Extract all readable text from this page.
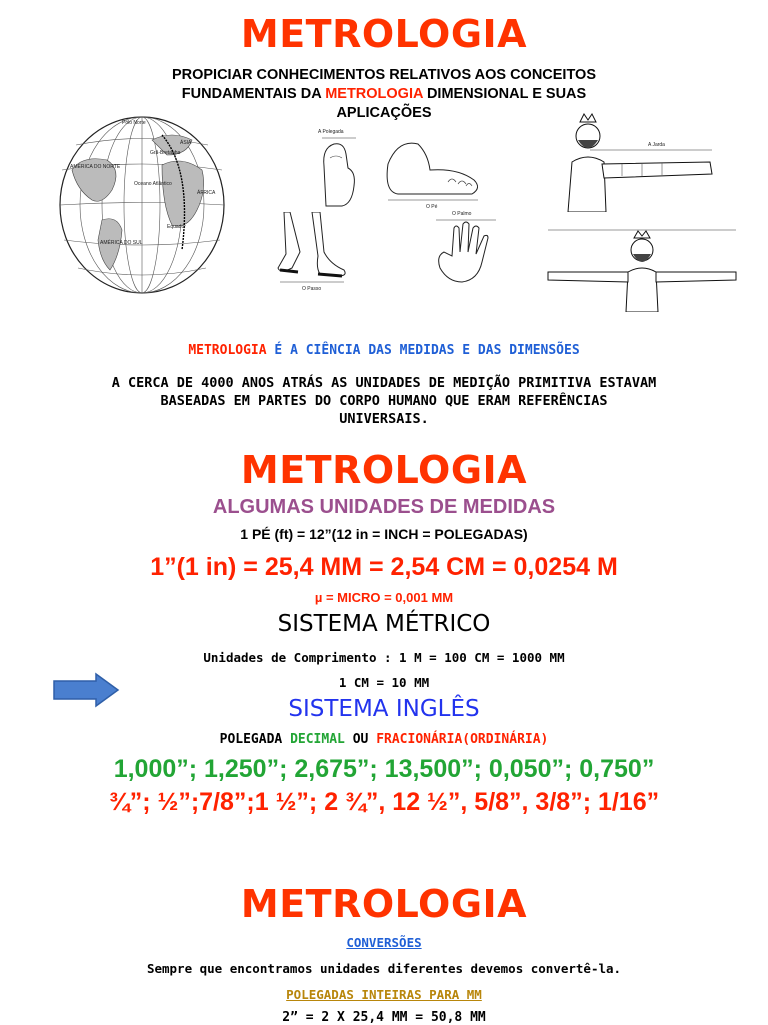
METROLOGIA
PROPICIAR CONHECIMENTOS RELATIVOS AOS CONCEITOS
FUNDAMENTAIS DA METROLOGIA DIMENSIONAL E SUAS
APLICAÇÕES
Pólo Norte
ÁSIA
Grã-Bretanha
AMÉRICA DO NORTE
Oceano Atlântico
ÁFRICA
Equador
AMÉRICA DO SUL
A Polegada
O Pé
O Passo
O Palmo
A Jarda
METROLOGIA É A CIÊNCIA DAS MEDIDAS E DAS DIMENSÕES
A CERCA DE 4000 ANOS ATRÁS AS UNIDADES DE MEDIÇÃO PRIMITIVA ESTAVAM
BASEADAS EM PARTES DO CORPO HUMANO QUE ERAM REFERÊNCIAS
UNIVERSAIS.
METROLOGIA
ALGUMAS UNIDADES DE MEDIDAS
1 PÉ (ft) = 12”(12 in = INCH = POLEGADAS)
1”(1 in) = 25,4 MM = 2,54 CM = 0,0254 M
µ = MICRO = 0,001 MM
SISTEMA MÉTRICO
Unidades de Comprimento : 1 M = 100 CM = 1000 MM
1 CM = 10 MM
SISTEMA INGLÊS
POLEGADA DECIMAL OU FRACIONÁRIA(ORDINÁRIA)
1,000”; 1,250”; 2,675”; 13,500”; 0,050”; 0,750”
¾”; ½”;7/8”;1 ½”; 2 ¾”, 12 ½”, 5/8”, 3/8”; 1/16”
METROLOGIA
CONVERSÕES
Sempre que encontramos unidades diferentes devemos convertê-la.
POLEGADAS INTEIRAS PARA MM
2” = 2 X 25,4 MM = 50,8 MM
